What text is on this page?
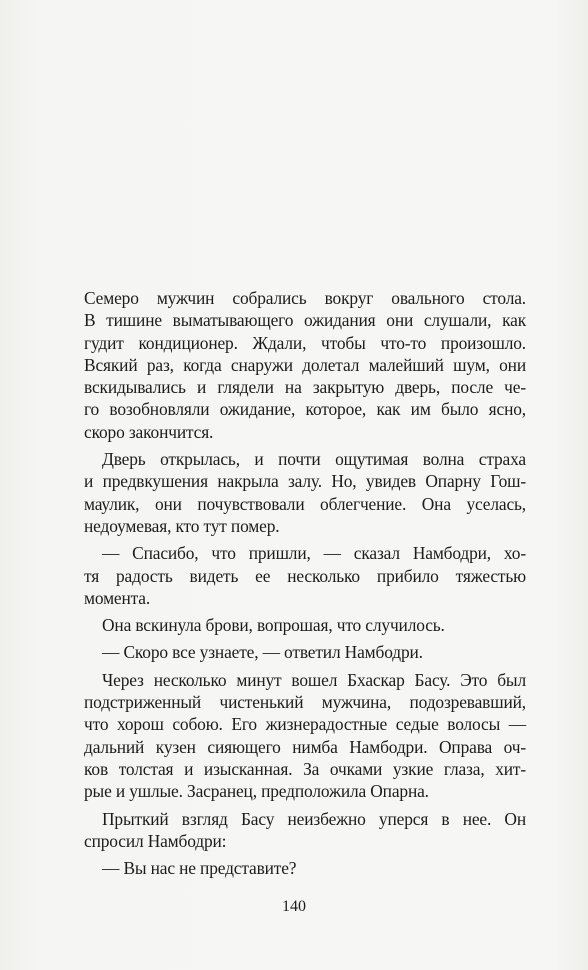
Семеро мужчин собрались вокруг овального стола.
В тишине выматывающего ожидания они слушали, как
гудит кондиционер. Ждали, чтобы что-то произошло.
Всякий раз, когда снаружи долетал малейший шум, они
вскидывались и глядели на закрытую дверь, после че-
го возобновляли ожидание, которое, как им было ясно,
скоро закончится.

Дверь открылась, и почти ощутимая волна страха
и предвкушения накрыла залу. Но, увидев Опарну Гош-
маулик, они почувствовали облегчение. Она уселась,
недоумевая, кто тут помер.

— Спасибо, что пришли, — сказал Намбодри, хо-
тя радость видеть ее несколько прибило тяжестью
момента.

Она вскинула брови, вопрошая, что случилось.

— Скоро все узнаете, — ответил Намбодри.

Через несколько минут вошел Бхаскар Басу. Это был
подстриженный чистенький мужчина, подозревавший,
что хорош собою. Его жизнерадостные седые волосы —
дальний кузен сияющего нимба Намбодри. Оправа оч-
ков толстая и изысканная. За очками узкие глаза, хит-
рые и ушлые. Засранец, предположила Опарна.

Прыткий взгляд Басу неизбежно уперся в нее. Он
спросил Намбодри:

— Вы нас не представите?

140
